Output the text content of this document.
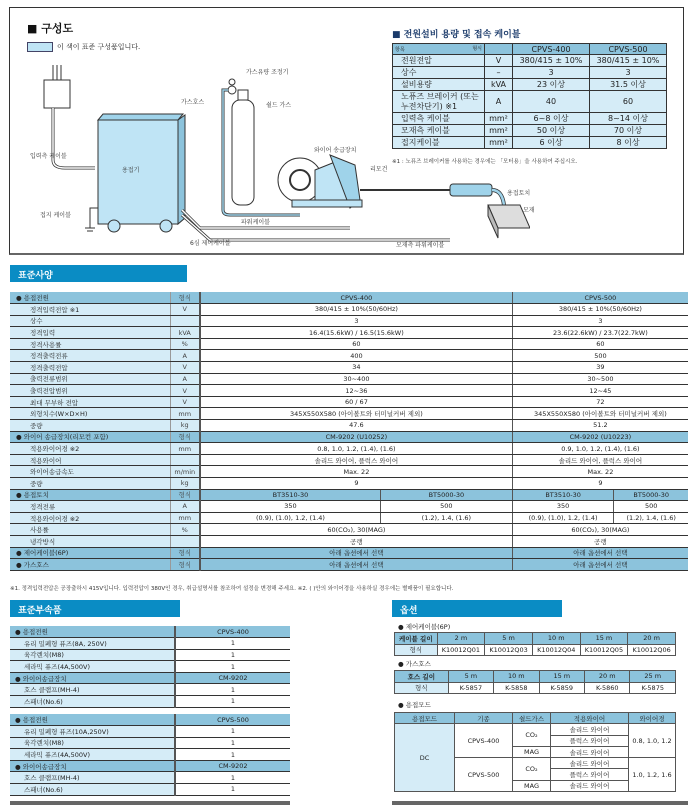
■ 구성도
이 색이 표준 구성품입니다.
가스유량 조정기
가스호스	쉴드 가스
입력측 케이블
용접기
와이어 송급장치
리모건
용접토치
모재
접지 케이블
파워케이블
6심 제어케이블	모재측 파워케이블
■ 전원설비 용량 및 접속 케이블
항목 형식		CPVS-400	CPVS-500
전원전압	V	380/415 ± 10%	380/415 ± 10%
상수	–	3	3
설비용량	kVA	23 이상	31.5 이상
노퓨즈 브레이커 (또는 누전차단기) ※1	A	40	60
입력측 케이블	mm²	6~8 이상	8~14 이상
모재측 케이블	mm²	50 이상	70 이상
접지케이블	mm²	6 이상	8 이상
※1 : 노퓨즈 브레이커를 사용하는 경우에는 「모터용」을 사용하여 주십시오.
표준사양
● 용접전원	형식	CPVS-400		CPVS-500	
정격입력전압 ※1	V	380/415 ± 10%(50/60Hz)		380/415 ± 10%(50/60Hz)	
상수		3		3	
정격입력	kVA	16.4(15.6kW) / 16.5(15.6kW)		23.6(22.6kW) / 23.7(22.7kW)	
정격사용률	%	60		60	
정격출력전류	A	400		500	
정격출력전압	V	34		39	
출력전류범위	A	30~400		30~500	
출력전압범위	V	12~36		12~45	
최대 무부하 전압	V	60 / 67		72	
외형치수(W×D×H)	mm	345X550X580 (아이볼트와 터미널커버 제외)		345X550X580 (아이볼트와 터미널커버 제외)	
중량	kg	47.6		51.2	
● 와이어 송급장치(리모컨 포함)	형식	CM-9202 (U10252)		CM-9202 (U10223)	
적용와이어경 ※2	mm	0.8, 1.0, 1.2, (1.4), (1.6)		0.9, 1.0, 1.2, (1.4), (1.6)	
적용와이어		솔리드 와이어, 플럭스 와이어		솔리드 와이어, 플럭스 와이어	
와이어송급속도	m/min	Max. 22		Max. 22	
중량	kg	9		9	
● 용접토치	형식	BT3510-30	BT5000-30	BT3510-30	BT5000-30
정격전류	A	350	500	350	500
적용와이어경 ※2	mm	(0.9), (1.0), 1.2, (1.4)	(1.2), 1.4, (1.6)	(0.9), (1.0), 1.2, (1.4)	(1.2), 1.4, (1.6)
사용률	%	60(CO₂), 30(MAG)		60(CO₂), 30(MAG)	
냉각방식		공랭		공랭	
● 제어케이블(6P)	형식	아래 옵션에서 선택		아래 옵션에서 선택	
● 가스호스	형식	아래 옵션에서 선택		아래 옵션에서 선택	
※1. 정격입력전압은 공장출하시 415V입니다. 입력전압이 380V인 경우, 취급설명서를 참조하여 설정을 변경해 주세요. ※2. ( )안의 와이어경을 사용하실 경우에는 별매품이 필요합니다.
표준부속품
● 용접전원	CPVS-400
유리 밀폐형 퓨즈(8A, 250V)	1
육각렌치(M8)	1
세라믹 퓨즈(4A,500V)	1
● 와이어송급장치	CM-9202
호스 클램프(MH-4)	1
스패너(No.6)	1
● 용접전원	CPVS-500
유리 밀폐형 퓨즈(10A,250V)	1
육각렌치(M8)	1
세라믹 퓨즈(4A,500V)	1
● 와이어송급장치	CM-9202
호스 클램프(MH-4)	1
스패너(No.6)	1
옵션
● 제어케이블(6P)
케이블 길이	2 m	5 m	10 m	15 m	20 m
형식	K10012Q01	K10012Q03	K10012Q04	K10012Q05	K10012Q06
● 가스호스
호스 길이	5 m	10 m	15 m	20 m	25 m
형식	K-5857	K-5858	K-5859	K-5860	K-5875
● 용접모드
용접모드	기종	쉴드가스	적용와이어	와이어경
DC	CPVS-400	CO₂	솔리드 와이어	0.8, 1.0, 1.2
			플럭스 와이어	
		MAG	솔리드 와이어	
	CPVS-500	CO₂	솔리드 와이어	1.0, 1.2, 1.6
			플럭스 와이어	
		MAG	솔리드 와이어	
